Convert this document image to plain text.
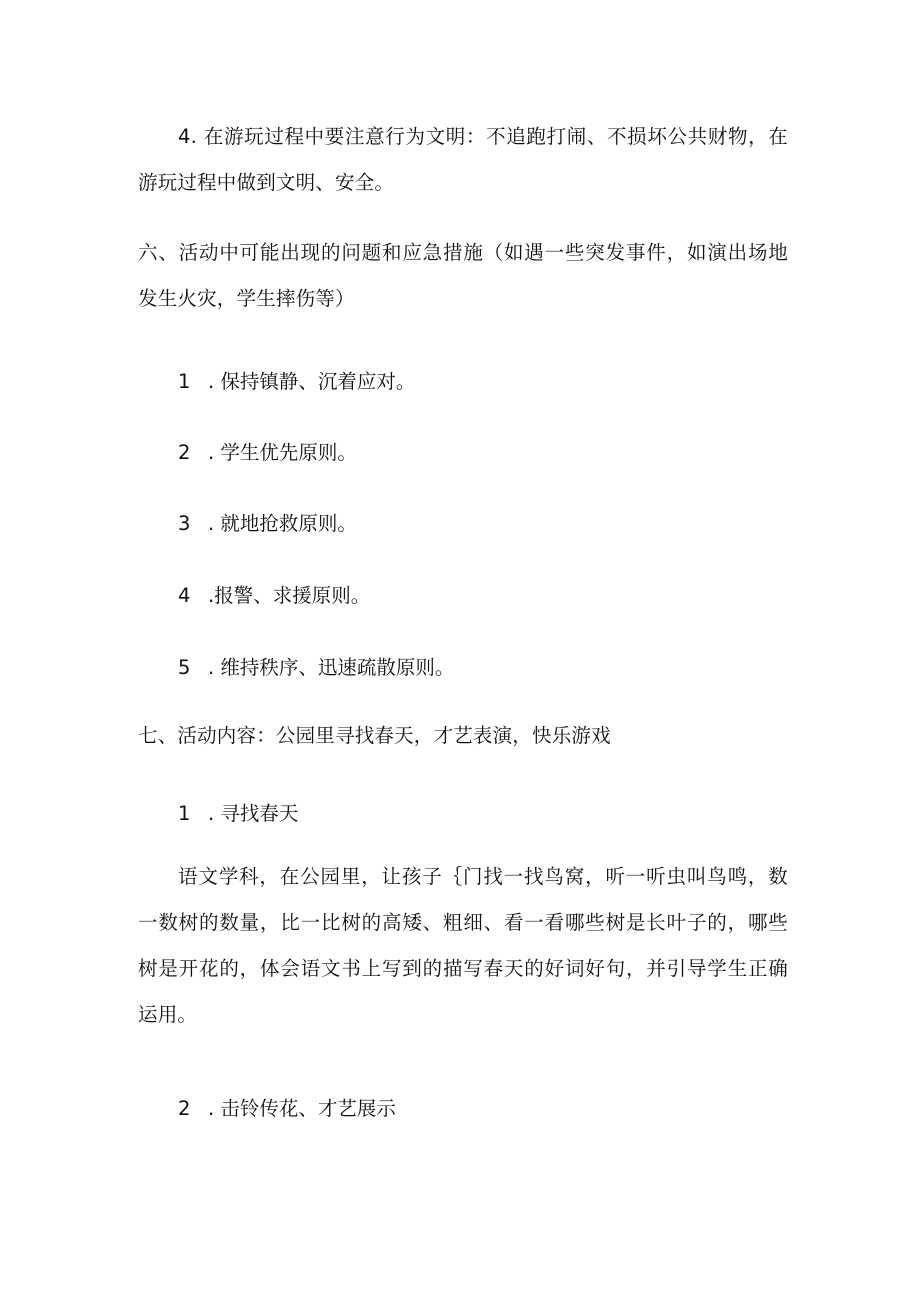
4. 在游玩过程中要注意行为文明：不追跑打闹、不损坏公共财物，在游玩过程中做到文明、安全。

六、活动中可能出现的问题和应急措施（如遇一些突发事件，如演出场地发生火灾，学生摔伤等）

1 . 保持镇静、沉着应对。

2 . 学生优先原则。

3 . 就地抢救原则。

4 .报警、求援原则。

5 . 维持秩序、迅速疏散原则。

七、活动内容：公园里寻找春天，才艺表演，快乐游戏

1 . 寻找春天

语文学科，在公园里，让孩子｛门找一找鸟窝，听一听虫叫鸟鸣，数一数树的数量，比一比树的高矮、粗细、看一看哪些树是长叶子的，哪些树是开花的，体会语文书上写到的描写春天的好词好句，并引导学生正确运用。

2 . 击铃传花、才艺展示
